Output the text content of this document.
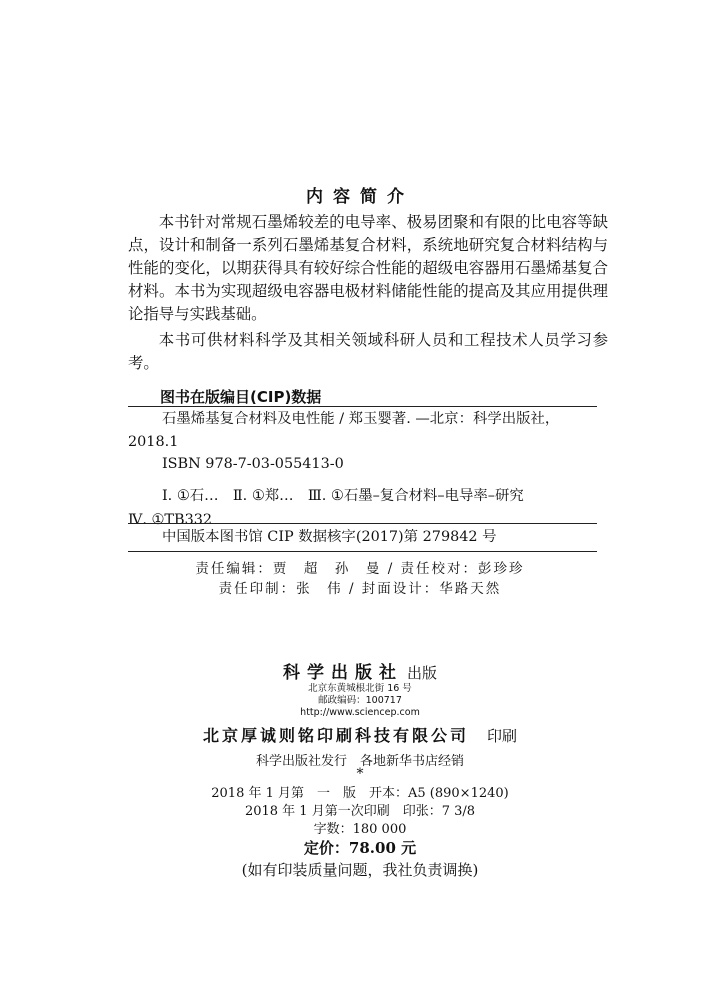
内容简介

本书针对常规石墨烯较差的电导率、极易团聚和有限的比电容等缺点，设计和制备一系列石墨烯基复合材料，系统地研究复合材料结构与性能的变化，以期获得具有较好综合性能的超级电容器用石墨烯基复合材料。本书为实现超级电容器电极材料储能性能的提高及其应用提供理论指导与实践基础。

本书可供材料科学及其相关领域科研人员和工程技术人员学习参考。

图书在版编目(CIP)数据
石墨烯基复合材料及电性能 / 郑玉婴著. —北京：科学出版社，
2018.1
ISBN 978-7-03-055413-0
Ⅰ. ①石…　Ⅱ. ①郑…　Ⅲ. ①石墨–复合材料–电导率–研究
Ⅳ. ①TB332
中国版本图书馆 CIP 数据核字(2017)第 279842 号
责任编辑：贾　超　孙　曼 / 责任校对：彭珍珍
责任印制：张　伟 / 封面设计：华路天然
科学出版社 出版
北京东黄城根北街 16 号
邮政编码：100717
http://www.sciencep.com
北京厚诚则铭印刷科技有限公司 印刷
科学出版社发行　各地新华书店经销
*
2018 年 1 月第　一　版　开本：A5 (890×1240)
2018 年 1 月第一次印刷　印张：7 3/8
字数：180 000
定价：78.00 元
(如有印装质量问题，我社负责调换)
